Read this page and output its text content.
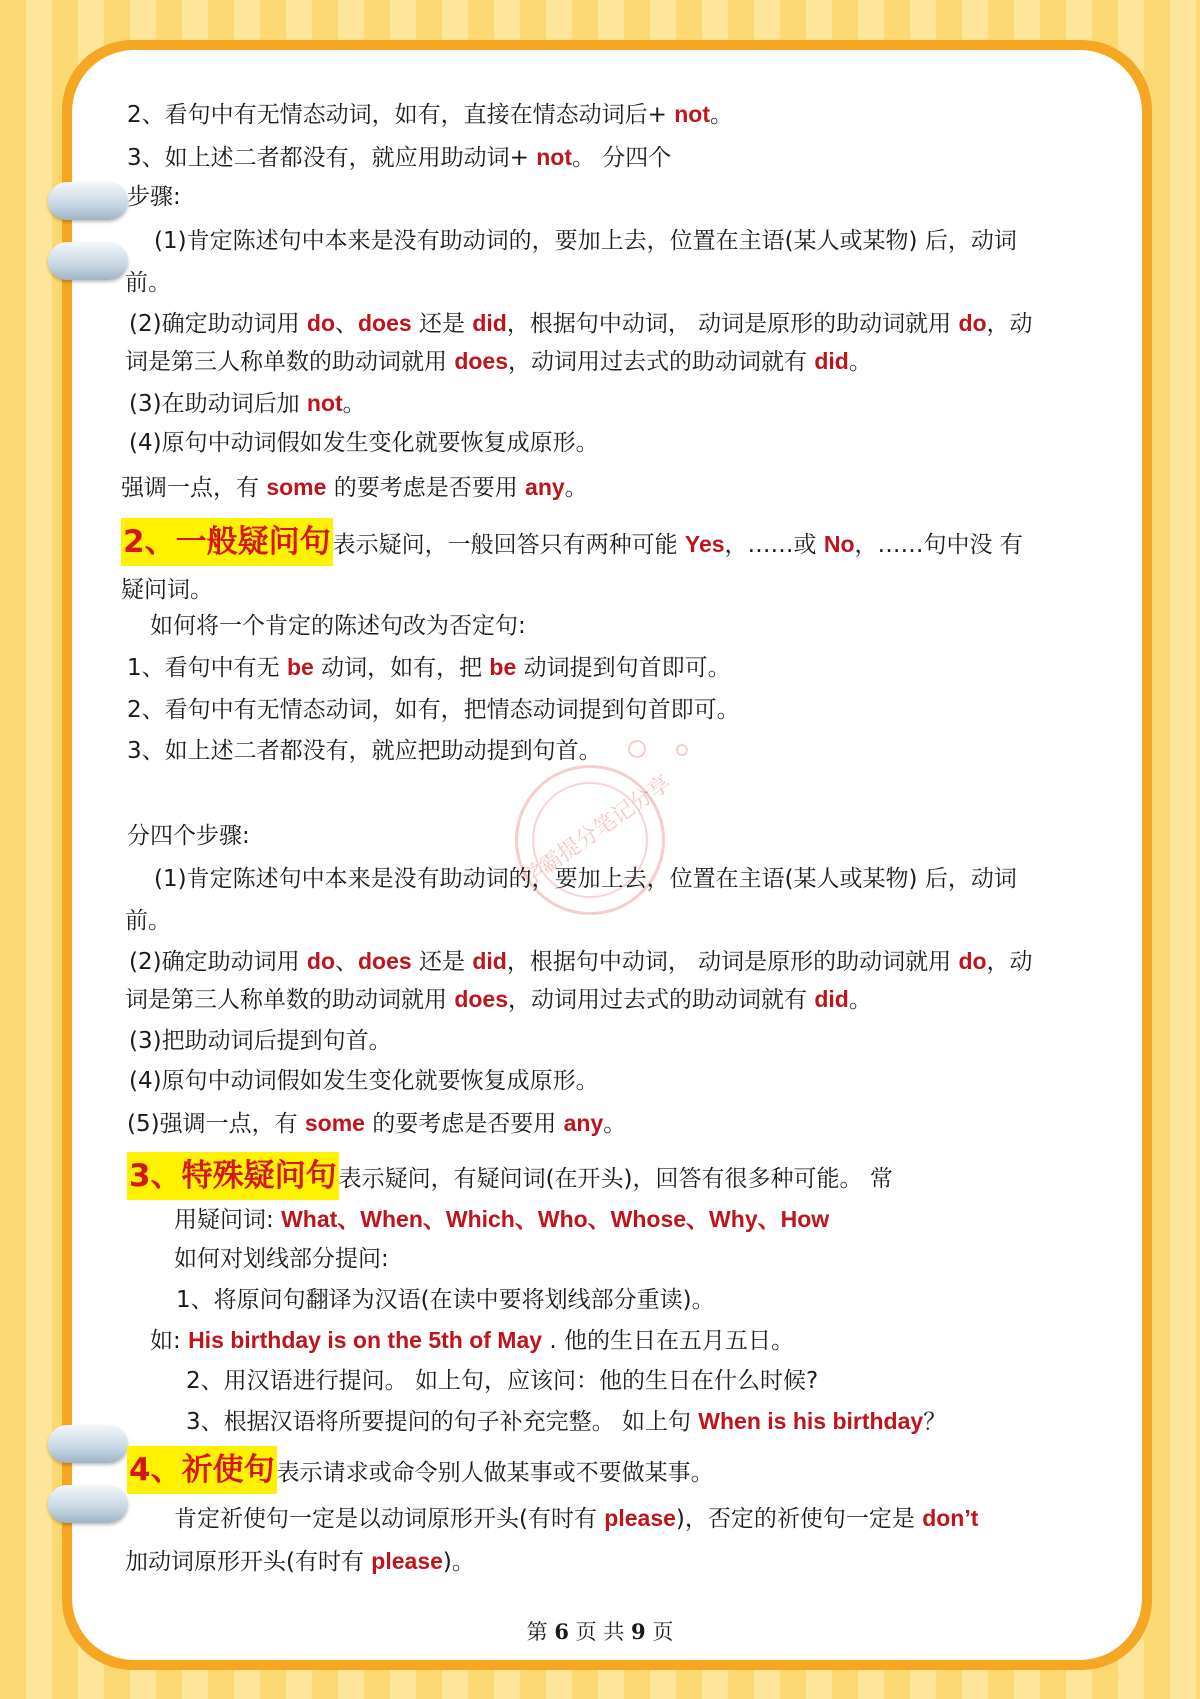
学霸提分笔记分享
2、看句中有无情态动词，如有，直接在情态动词后+ not。
3、如上述二者都没有，就应用助动词+ not。 分四个
步骤:
(1)肯定陈述句中本来是没有助动词的，要加上去，位置在主语(某人或某物) 后，动词
前。
(2)确定助动词用 do、does 还是 did，根据句中动词， 动词是原形的助动词就用 do，动
词是第三人称单数的助动词就用 does，动词用过去式的助动词就有 did。
(3)在助动词后加 not。
(4)原句中动词假如发生变化就要恢复成原形。
强调一点，有 some 的要考虑是否要用 any。
2、一般疑问句表示疑问，一般回答只有两种可能 Yes，……或 No，……句中没 有
疑问词。
如何将一个肯定的陈述句改为否定句:
1、看句中有无 be 动词，如有，把 be 动词提到句首即可。
2、看句中有无情态动词，如有，把情态动词提到句首即可。
3、如上述二者都没有，就应把助动提到句首。
分四个步骤:
(1)肯定陈述句中本来是没有助动词的，要加上去，位置在主语(某人或某物) 后，动词
前。
(2)确定助动词用 do、does 还是 did，根据句中动词， 动词是原形的助动词就用 do，动
词是第三人称单数的助动词就用 does，动词用过去式的助动词就有 did。
(3)把助动词后提到句首。
(4)原句中动词假如发生变化就要恢复成原形。
(5)强调一点，有 some 的要考虑是否要用 any。
3、特殊疑问句表示疑问，有疑问词(在开头)，回答有很多种可能。 常
用疑问词: What、When、Which、Who、Whose、Why、How
如何对划线部分提问:
1、将原问句翻译为汉语(在读中要将划线部分重读)。
如: His birthday is on the 5th of May . 他的生日在五月五日。
2、用汉语进行提问。 如上句，应该问：他的生日在什么时候?
3、根据汉语将所要提问的句子补充完整。 如上句 When is his birthday？
4、祈使句表示请求或命令别人做某事或不要做某事。
肯定祈使句一定是以动词原形开头(有时有 please)，否定的祈使句一定是 don’t
加动词原形开头(有时有 please)。
第 6 页 共 9 页
